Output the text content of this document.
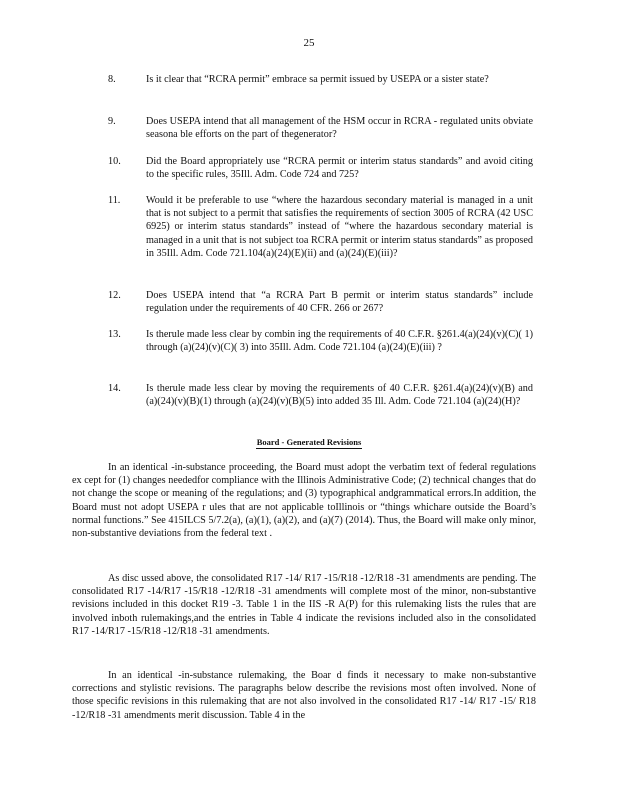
25
8.	Is it clear that “RCRA permit” embrace sa permit issued by USEPA or a sister state?
9.	Does USEPA intend that all management of the HSM occur in RCRA - regulated units obviate seasona ble efforts on the part of thegenerator?
10.	Did the Board appropriately use “RCRA permit or interim status standards” and avoid citing to the specific rules, 35Ill. Adm. Code 724 and 725?
11.	Would it be preferable to use “where the hazardous secondary material is managed in a unit that is not subject to a permit that satisfies the requirements of section 3005 of RCRA (42 USC 6925) or interim status standards” instead of “where the hazardous secondary material is managed in a unit that is not subject toa RCRA permit or interim status standards” as proposed in 35Ill. Adm. Code 721.104(a)(24)(E)(ii) and (a)(24)(E)(iii)?
12.	Does USEPA intend that “a RCRA Part B permit or interim status standards” include regulation under the requirements of 40 CFR. 266 or 267?
13.	Is therule made less clear by combin ing the requirements of 40 C.F.R. §261.4(a)(24)(v)(C)( 1) through (a)(24)(v)(C)( 3) into 35Ill. Adm. Code 721.104 (a)(24)(E)(iii) ?
14.	Is therule made less clear by moving the requirements of 40 C.F.R. §261.4(a)(24)(v)(B) and (a)(24)(v)(B)(1) through (a)(24)(v)(B)(5) into added 35 Ill. Adm. Code 721.104 (a)(24)(H)?
Board - Generated Revisions
In an identical -in-substance proceeding, the Board must adopt the verbatim text of federal regulations ex cept for (1) changes neededfor compliance with the Illinois Administrative Code; (2) technical changes that do not change the scope or meaning of the regulations; and (3) typographical andgrammatical errors.In addition, the Board must not adopt USEPA r ules that are not applicable toIllinois or “things whichare outside the Board’s normal functions.” See 415ILCS 5/7.2(a), (a)(1), (a)(2), and (a)(7) (2014). Thus, the Board will make only minor, non-substantive deviations from the federal text .
As disc ussed above, the consolidated R17 -14/ R17 -15/R18 -12/R18 -31 amendments are pending. The consolidated R17 -14/R17 -15/R18 -12/R18 -31 amendments will complete most of the minor, non-substantive revisions included in this docket R19 -3. Table 1 in the IIS -R A(P) for this rulemaking lists the rules that are involved inboth rulemakings,and the entries in Table 4 indicate the revisions included also in the consolidated R17 -14/R17 -15/R18 -12/R18 -31 amendments.
In an identical -in-substance rulemaking, the Boar d finds it necessary to make non-substantive corrections and stylistic revisions. The paragraphs below describe the revisions most often involved. None of those specific revisions in this rulemaking that are not also involved in the consolidated R17 -14/ R17 -15/ R18 -12/R18 -31 amendments merit discussion. Table 4 in the
